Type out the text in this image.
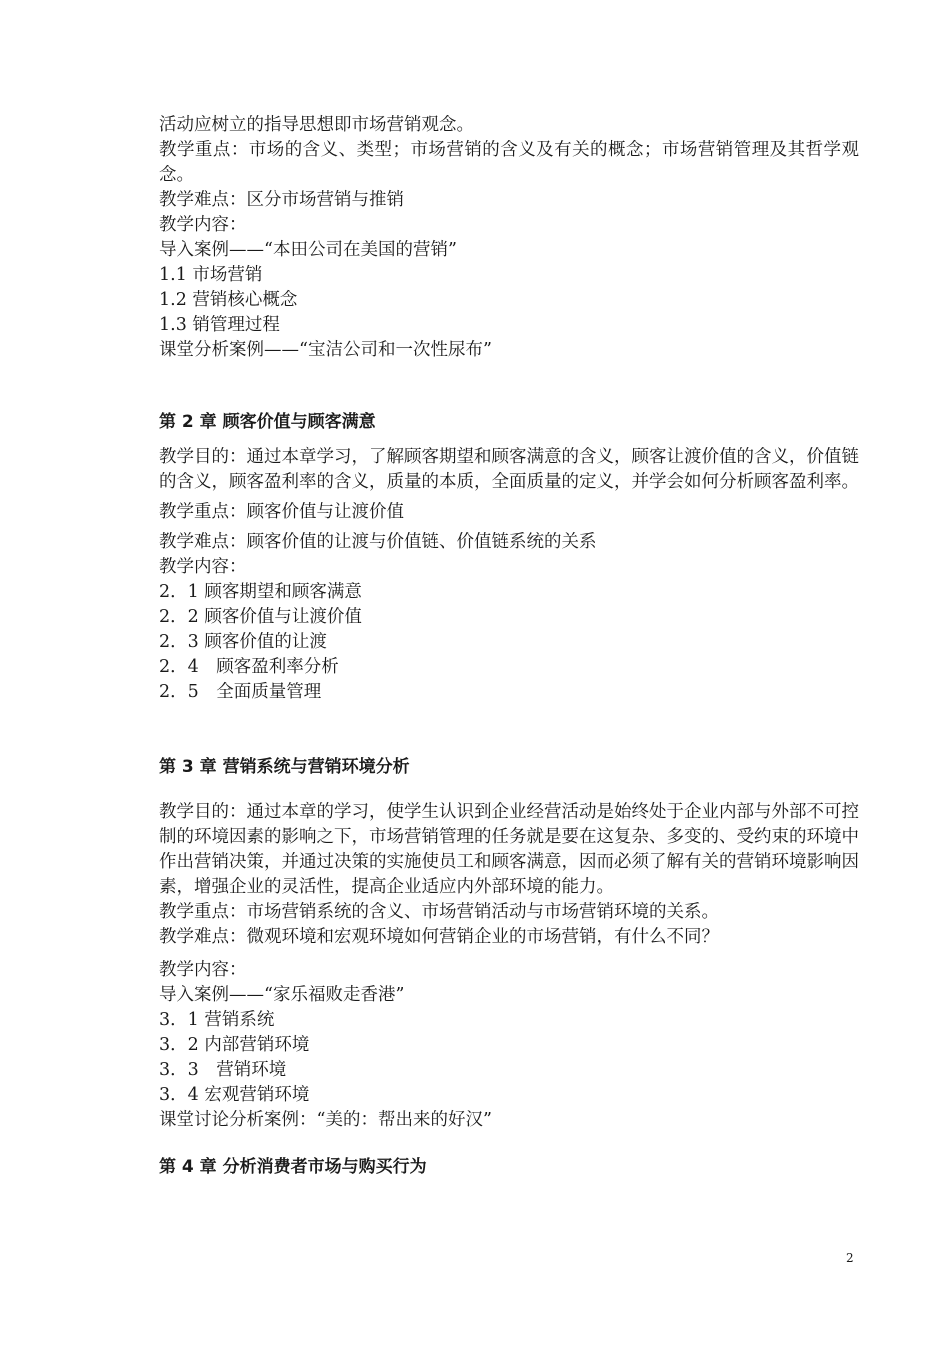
活动应树立的指导思想即市场营销观念。
教学重点：市场的含义、类型；市场营销的含义及有关的概念；市场营销管理及其哲学观念。
教学难点：区分市场营销与推销
教学内容：
导入案例——“本田公司在美国的营销”
1.1 市场营销
1.2 营销核心概念
1.3 销管理过程
课堂分析案例——“宝洁公司和一次性尿布”
第 2 章 顾客价值与顾客满意
教学目的：通过本章学习，了解顾客期望和顾客满意的含义，顾客让渡价值的含义，价值链的含义，顾客盈利率的含义，质量的本质，全面质量的定义，并学会如何分析顾客盈利率。
教学重点：顾客价值与让渡价值
教学难点：顾客价值的让渡与价值链、价值链系统的关系
教学内容：
2．1 顾客期望和顾客满意
2．2 顾客价值与让渡价值
2．3 顾客价值的让渡
2．4　顾客盈利率分析
2．5　全面质量管理
第 3 章 营销系统与营销环境分析
教学目的：通过本章的学习，使学生认识到企业经营活动是始终处于企业内部与外部不可控制的环境因素的影响之下，市场营销管理的任务就是要在这复杂、多变的、受约束的环境中作出营销决策，并通过决策的实施使员工和顾客满意，因而必须了解有关的营销环境影响因素，增强企业的灵活性，提高企业适应内外部环境的能力。
教学重点：市场营销系统的含义、市场营销活动与市场营销环境的关系。
教学难点：微观环境和宏观环境如何营销企业的市场营销，有什么不同？
教学内容：
导入案例——“家乐福败走香港”
3．1 营销系统
3．2 内部营销环境
3．3　营销环境
3．4 宏观营销环境
课堂讨论分析案例：“美的：帮出来的好汉”
第 4 章 分析消费者市场与购买行为
2
